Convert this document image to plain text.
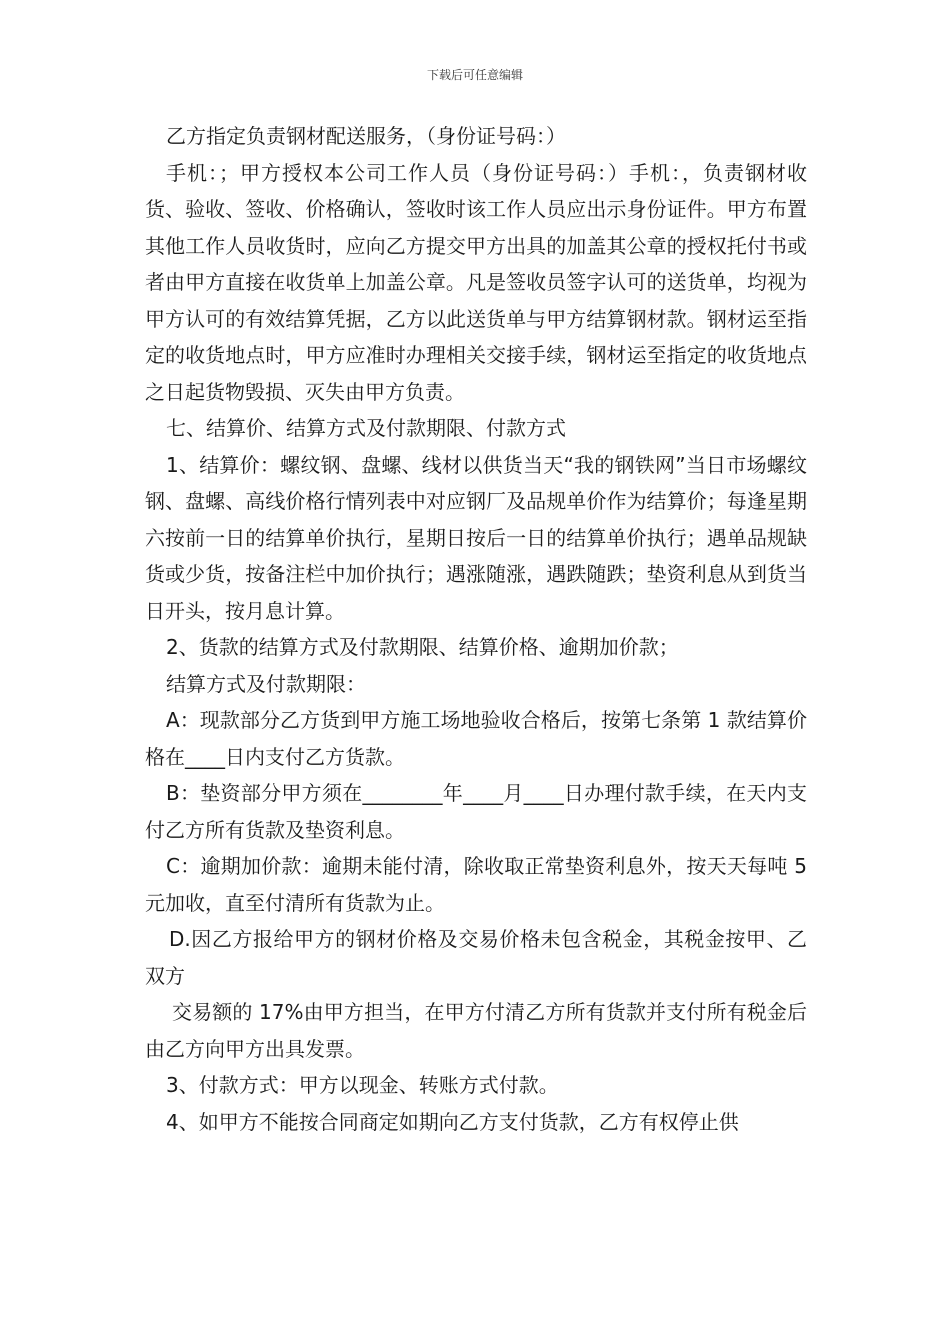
下载后可任意编辑

乙方指定负责钢材配送服务，（身份证号码：）

手机：；甲方授权本公司工作人员（身份证号码：）手机：，负责钢材收货、验收、签收、价格确认，签收时该工作人员应出示身份证件。甲方布置其他工作人员收货时，应向乙方提交甲方出具的加盖其公章的授权托付书或者由甲方直接在收货单上加盖公章。凡是签收员签字认可的送货单，均视为甲方认可的有效结算凭据，乙方以此送货单与甲方结算钢材款。钢材运至指定的收货地点时，甲方应准时办理相关交接手续，钢材运至指定的收货地点之日起货物毁损、灭失由甲方负责。

七、结算价、结算方式及付款期限、付款方式

1、结算价：螺纹钢、盘螺、线材以供货当天“我的钢铁网”当日市场螺纹钢、盘螺、高线价格行情列表中对应钢厂及品规单价作为结算价；每逢星期六按前一日的结算单价执行，星期日按后一日的结算单价执行；遇单品规缺货或少货，按备注栏中加价执行；遇涨随涨，遇跌随跌；垫资利息从到货当日开头，按月息计算。

2、货款的结算方式及付款期限、结算价格、逾期加价款；

结算方式及付款期限：

A：现款部分乙方货到甲方施工场地验收合格后，按第七条第 1 款结算价格在____日内支付乙方货款。

B：垫资部分甲方须在________年____月____日办理付款手续，在天内支付乙方所有货款及垫资利息。

C：逾期加价款：逾期未能付清，除收取正常垫资利息外，按天天每吨 5 元加收，直至付清所有货款为止。

D.因乙方报给甲方的钢材价格及交易价格未包含税金，其税金按甲、乙双方

交易额的 17%由甲方担当，在甲方付清乙方所有货款并支付所有税金后由乙方向甲方出具发票。

3、付款方式：甲方以现金、转账方式付款。

4、如甲方不能按合同商定如期向乙方支付货款，乙方有权停止供
